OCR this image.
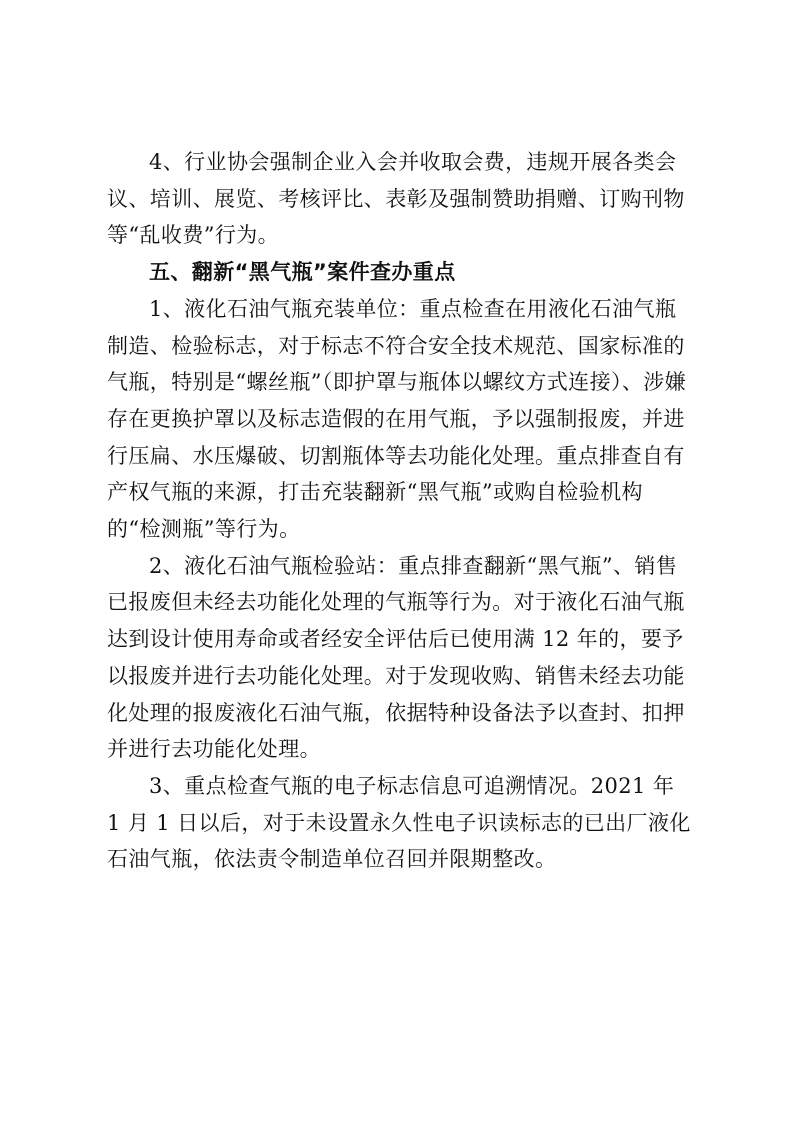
4、行业协会强制企业入会并收取会费，违规开展各类会议、培训、展览、考核评比、表彰及强制赞助捐赠、订购刊物等“乱收费”行为。

五、翻新“黑气瓶”案件查办重点

1、液化石油气瓶充装单位：重点检查在用液化石油气瓶制造、检验标志，对于标志不符合安全技术规范、国家标准的气瓶，特别是“螺丝瓶”（即护罩与瓶体以螺纹方式连接）、涉嫌存在更换护罩以及标志造假的在用气瓶，予以强制报废，并进行压扁、水压爆破、切割瓶体等去功能化处理。重点排查自有产权气瓶的来源，打击充装翻新“黑气瓶”或购自检验机构的“检测瓶”等行为。

2、液化石油气瓶检验站：重点排查翻新“黑气瓶”、销售已报废但未经去功能化处理的气瓶等行为。对于液化石油气瓶达到设计使用寿命或者经安全评估后已使用满 12 年的，要予以报废并进行去功能化处理。对于发现收购、销售未经去功能化处理的报废液化石油气瓶，依据特种设备法予以查封、扣押并进行去功能化处理。

3、重点检查气瓶的电子标志信息可追溯情况。2021 年 1 月 1 日以后，对于未设置永久性电子识读标志的已出厂液化石油气瓶，依法责令制造单位召回并限期整改。
